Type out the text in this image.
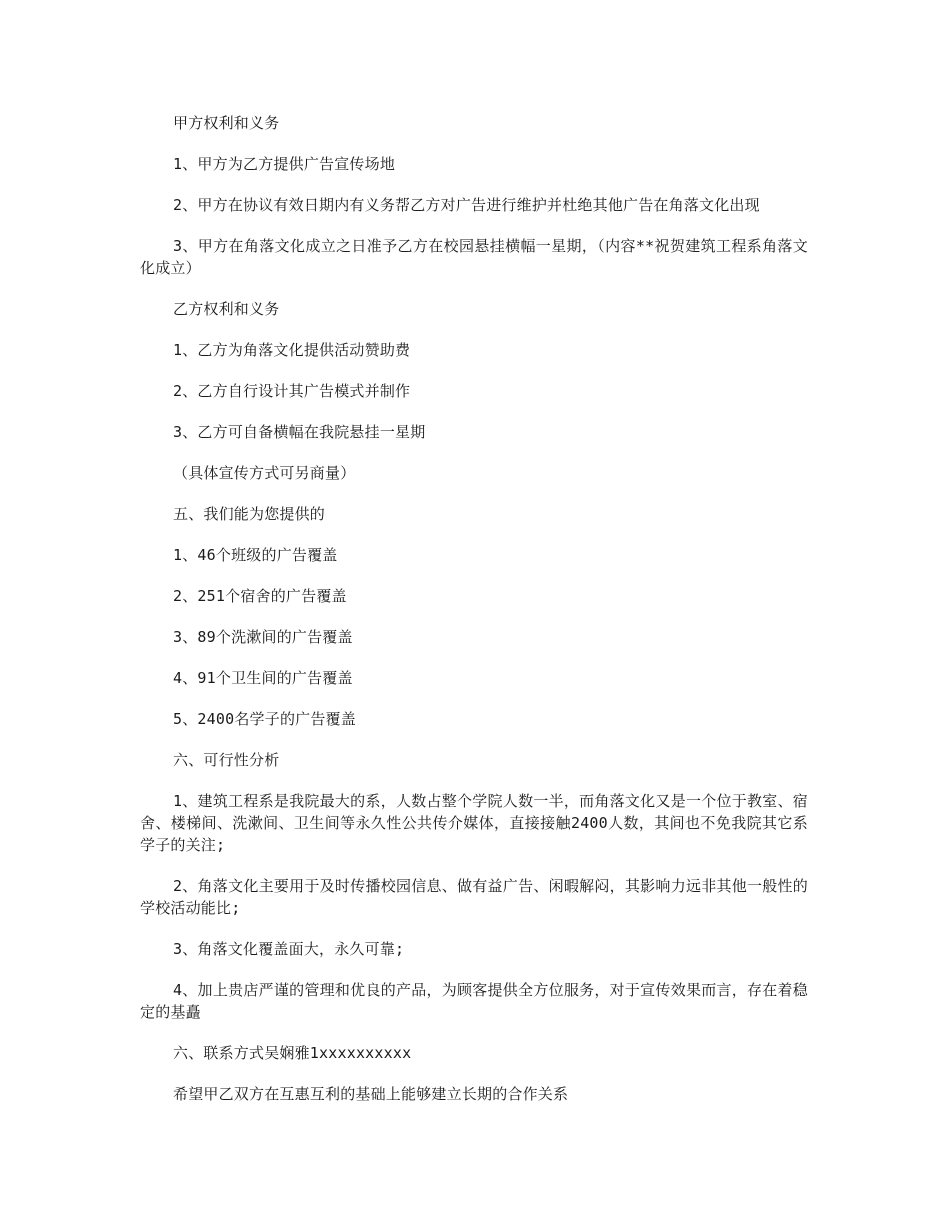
甲方权利和义务

1、甲方为乙方提供广告宣传场地

2、甲方在协议有效日期内有义务帮乙方对广告进行维护并杜绝其他广告在角落文化出现

3、甲方在角落文化成立之日准予乙方在校园悬挂横幅一星期，（内容**祝贺建筑工程系角落文化成立）

乙方权利和义务

1、乙方为角落文化提供活动赞助费

2、乙方自行设计其广告模式并制作

3、乙方可自备横幅在我院悬挂一星期

（具体宣传方式可另商量）

五、我们能为您提供的

1、46个班级的广告覆盖

2、251个宿舍的广告覆盖

3、89个洗漱间的广告覆盖

4、91个卫生间的广告覆盖

5、2400名学子的广告覆盖

六、可行性分析

1、建筑工程系是我院最大的系，人数占整个学院人数一半，而角落文化又是一个位于教室、宿舍、楼梯间、洗漱间、卫生间等永久性公共传介媒体，直接接触2400人数，其间也不免我院其它系学子的关注;

2、角落文化主要用于及时传播校园信息、做有益广告、闲暇解闷，其影响力远非其他一般性的学校活动能比;

3、角落文化覆盖面大，永久可靠;

4、加上贵店严谨的管理和优良的产品，为顾客提供全方位服务，对于宣传效果而言，存在着稳定的基矗

六、联系方式吴娴雅1xxxxxxxxxx

希望甲乙双方在互惠互利的基础上能够建立长期的合作关系
